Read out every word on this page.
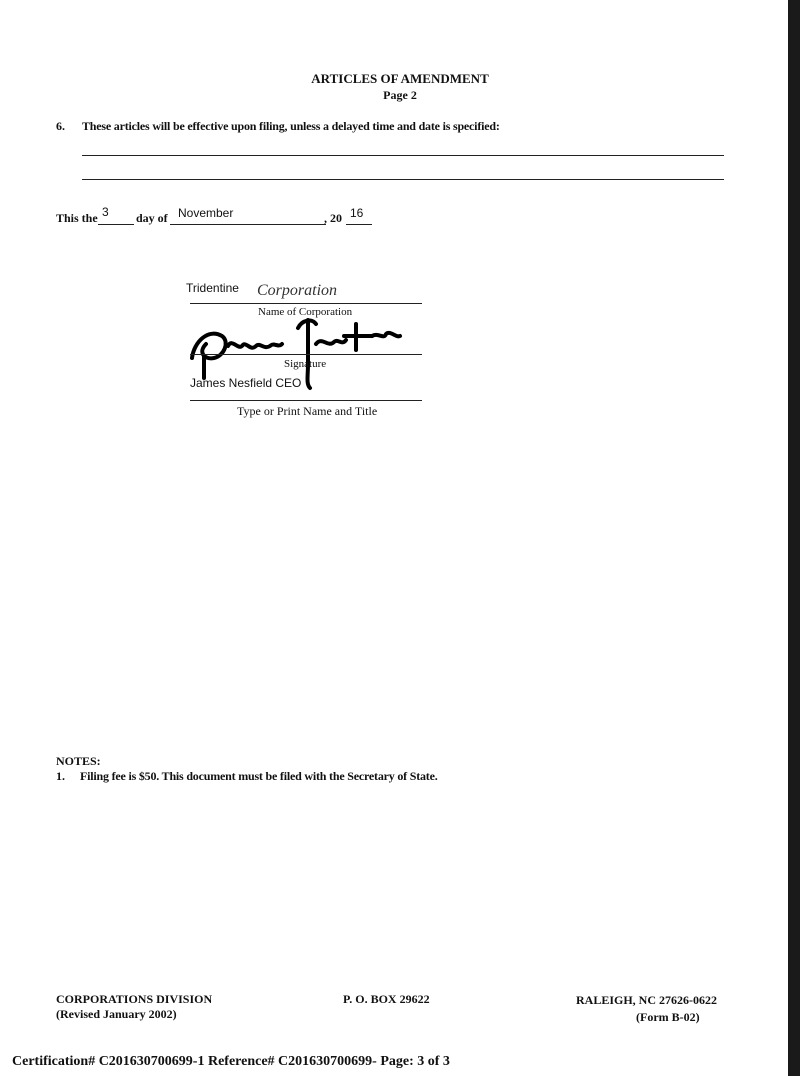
ARTICLES OF AMENDMENT
Page 2
6. These articles will be effective upon filing, unless a delayed time and date is specified:
This the 3 day of November	, 20 16
Tridentine Corporation
Name of Corporation
Signature
James Nesfield CEO
Type or Print Name and Title
NOTES:
1. Filing fee is $50. This document must be filed with the Secretary of State.
CORPORATIONS DIVISION
(Revised January 2002)
P. O. BOX 29622	RALEIGH, NC 27626-0622
(Form B-02)
Certification# C201630700699-1 Reference# C201630700699- Page: 3 of 3
